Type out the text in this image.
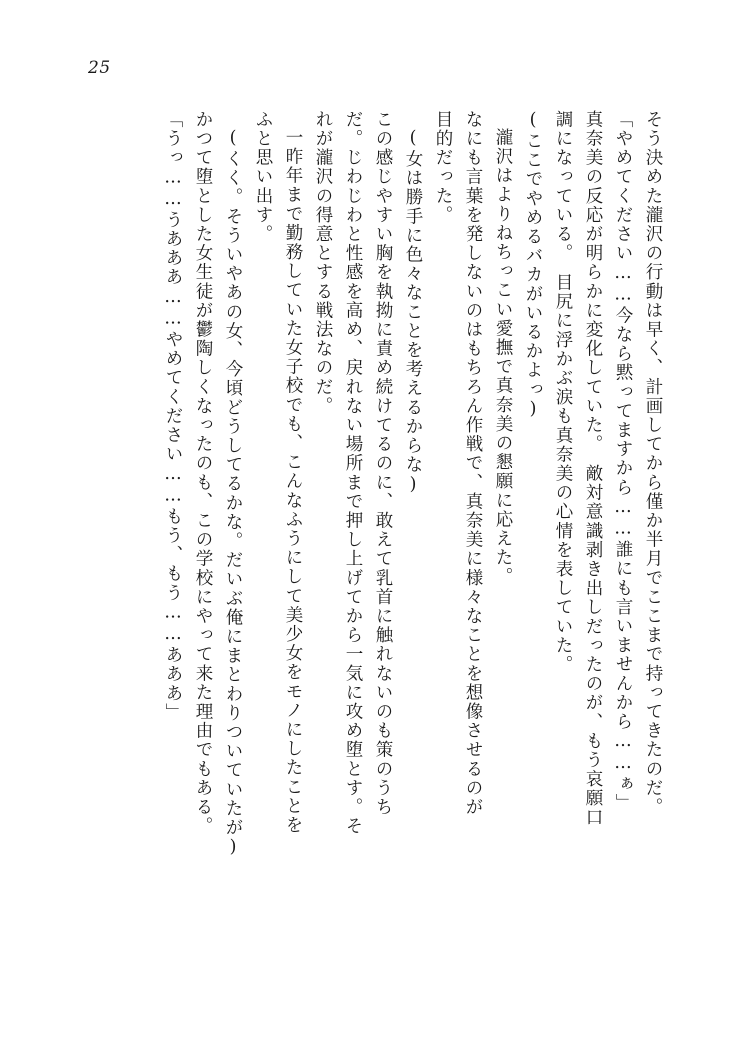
25
そう決めた瀧沢の行動は早く、計画してから僅か半月でここまで持ってきたのだ。
「やめてください……今なら黙ってますから……誰にも言いませんから……ぁ」
真奈美の反応が明らかに変化していた。　敵対意識剥き出しだったのが、もう哀願口
調になっている。　目尻に浮かぶ涙も真奈美の心情を表していた。
(ここでやめるバカがいるかよっ)
瀧沢はよりねちっこい愛撫で真奈美の懇願に応えた。
なにも言葉を発しないのはもちろん作戦で、真奈美に様々なことを想像させるのが
目的だった。
(女は勝手に色々なことを考えるからな)
この感じやすい胸を執拗に責め続けてるのに、敢えて乳首に触れないのも策のうち
だ。じわじわと性感を高め、戻れない場所まで押し上げてから一気に攻め堕とす。そ
れが瀧沢の得意とする戦法なのだ。
一昨年まで勤務していた女子校でも、こんなふうにして美少女をモノにしたことを
ふと思い出す。
(くく。そういやあの女、今頃どうしてるかな。だいぶ俺にまとわりついていたが)
かつて堕とした女生徒が鬱陶しくなったのも、この学校にやって来た理由でもある。
「うっ……うあああ……やめてください……もう、もう……あああ」
